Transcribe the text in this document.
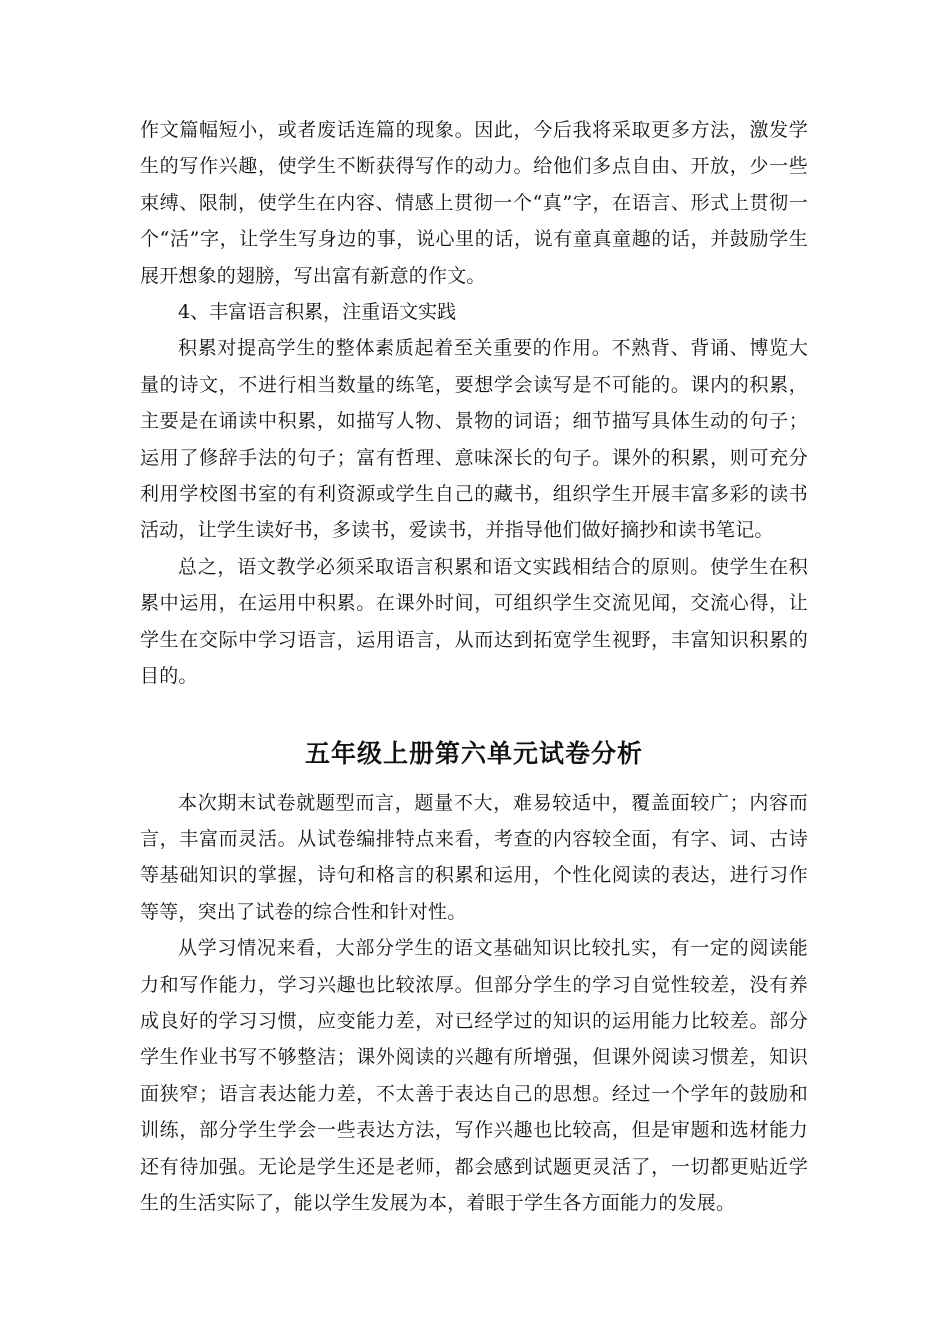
作文篇幅短小，或者废话连篇的现象。因此，今后我将采取更多方法，激发学生的写作兴趣，使学生不断获得写作的动力。给他们多点自由、开放，少一些束缚、限制，使学生在内容、情感上贯彻一个“真”字，在语言、形式上贯彻一个“活”字，让学生写身边的事，说心里的话，说有童真童趣的话，并鼓励学生展开想象的翅膀，写出富有新意的作文。

4、丰富语言积累，注重语文实践

积累对提高学生的整体素质起着至关重要的作用。不熟背、背诵、博览大量的诗文，不进行相当数量的练笔，要想学会读写是不可能的。课内的积累，主要是在诵读中积累，如描写人物、景物的词语；细节描写具体生动的句子；运用了修辞手法的句子；富有哲理、意味深长的句子。课外的积累，则可充分利用学校图书室的有利资源或学生自己的藏书，组织学生开展丰富多彩的读书活动，让学生读好书，多读书，爱读书，并指导他们做好摘抄和读书笔记。

总之，语文教学必须采取语言积累和语文实践相结合的原则。使学生在积累中运用，在运用中积累。在课外时间，可组织学生交流见闻，交流心得，让学生在交际中学习语言，运用语言，从而达到拓宽学生视野，丰富知识积累的目的。

五年级上册第六单元试卷分析

本次期末试卷就题型而言，题量不大，难易较适中，覆盖面较广；内容而言，丰富而灵活。从试卷编排特点来看，考查的内容较全面，有字、词、古诗等基础知识的掌握，诗句和格言的积累和运用，个性化阅读的表达，进行习作等等，突出了试卷的综合性和针对性。

从学习情况来看，大部分学生的语文基础知识比较扎实，有一定的阅读能力和写作能力，学习兴趣也比较浓厚。但部分学生的学习自觉性较差，没有养成良好的学习习惯，应变能力差，对已经学过的知识的运用能力比较差。部分学生作业书写不够整洁；课外阅读的兴趣有所增强，但课外阅读习惯差，知识面狭窄；语言表达能力差，不太善于表达自己的思想。经过一个学年的鼓励和训练，部分学生学会一些表达方法，写作兴趣也比较高，但是审题和选材能力还有待加强。无论是学生还是老师，都会感到试题更灵活了，一切都更贴近学生的生活实际了，能以学生发展为本，着眼于学生各方面能力的发展。
